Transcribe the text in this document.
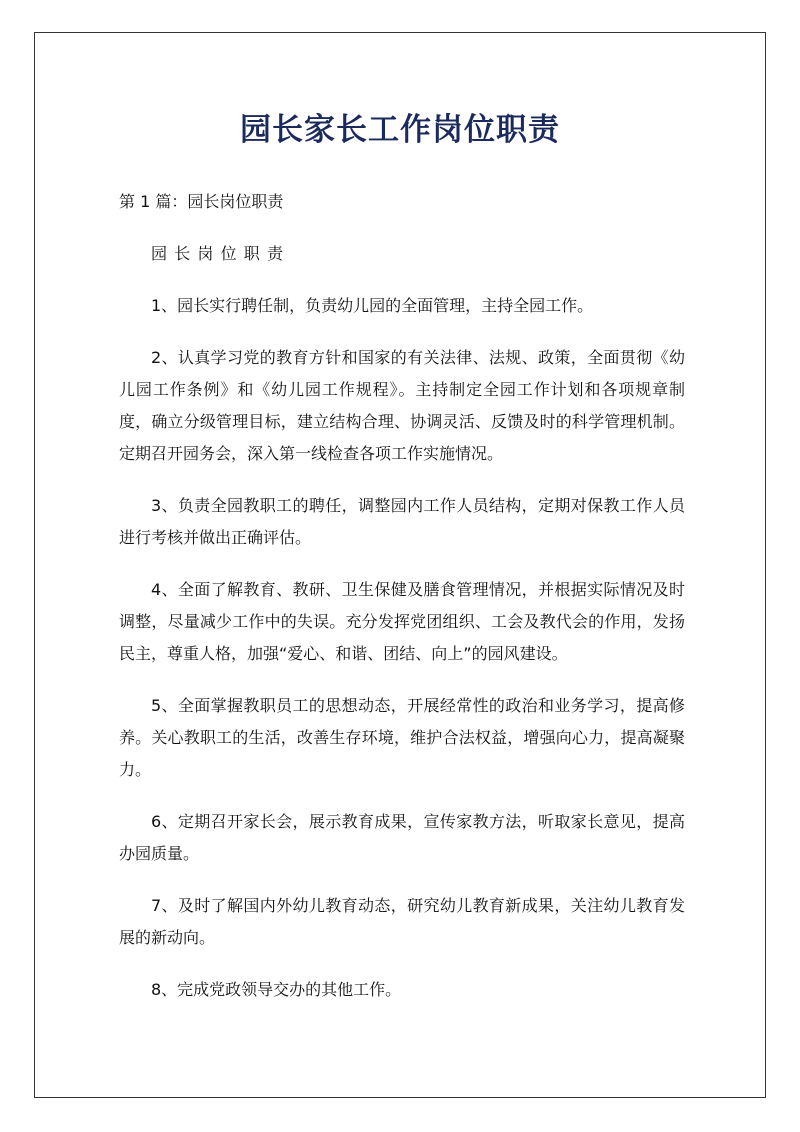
园长家长工作岗位职责

第 1 篇：园长岗位职责

园长岗位职责

1、园长实行聘任制，负责幼儿园的全面管理，主持全园工作。

2、认真学习党的教育方针和国家的有关法律、法规、政策，全面贯彻《幼儿园工作条例》和《幼儿园工作规程》。主持制定全园工作计划和各项规章制度，确立分级管理目标，建立结构合理、协调灵活、反馈及时的科学管理机制。定期召开园务会，深入第一线检查各项工作实施情况。

3、负责全园教职工的聘任，调整园内工作人员结构，定期对保教工作人员进行考核并做出正确评估。

4、全面了解教育、教研、卫生保健及膳食管理情况，并根据实际情况及时调整，尽量减少工作中的失误。充分发挥党团组织、工会及教代会的作用，发扬民主，尊重人格，加强“爱心、和谐、团结、向上”的园风建设。

5、全面掌握教职员工的思想动态，开展经常性的政治和业务学习，提高修养。关心教职工的生活，改善生存环境，维护合法权益，增强向心力，提高凝聚力。

6、定期召开家长会，展示教育成果，宣传家教方法，听取家长意见，提高办园质量。

7、及时了解国内外幼儿教育动态，研究幼儿教育新成果，关注幼儿教育发展的新动向。

8、完成党政领导交办的其他工作。
